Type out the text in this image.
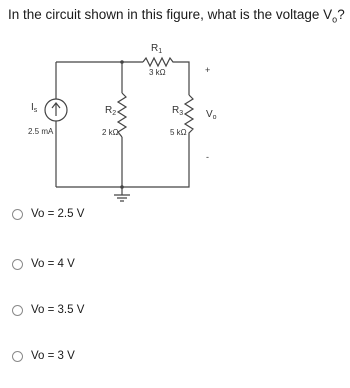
In the circuit shown in this figure, what is the voltage $V_o$?
$I_s$
2.5 mA
$R_1$
3 kΩ
$R_2$
2 kΩ
$R_3$
5 kΩ
+
$V_o$
-
Vo = 2.5 V
Vo = 4 V
Vo = 3.5 V
Vo = 3 V
